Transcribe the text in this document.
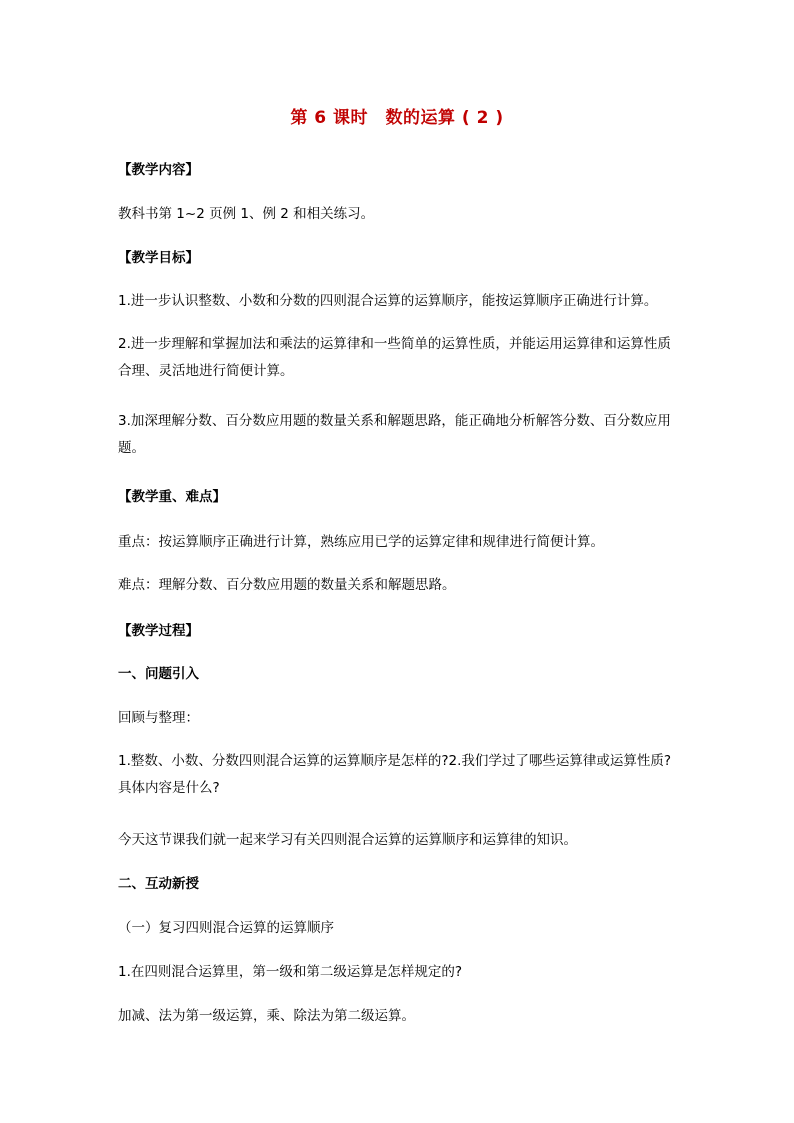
第 6 课时　数的运算 ( 2 )
【教学内容】
教科书第 1~2 页例 1、例 2 和相关练习。
【教学目标】
1.进一步认识整数、小数和分数的四则混合运算的运算顺序，能按运算顺序正确进行计算。
2.进一步理解和掌握加法和乘法的运算律和一些简单的运算性质，并能运用运算律和运算性质合理、灵活地进行简便计算。
3.加深理解分数、百分数应用题的数量关系和解题思路，能正确地分析解答分数、百分数应用题。
【教学重、难点】
重点：按运算顺序正确进行计算，熟练应用已学的运算定律和规律进行简便计算。
难点：理解分数、百分数应用题的数量关系和解题思路。
【教学过程】
一、问题引入
回顾与整理：
1.整数、小数、分数四则混合运算的运算顺序是怎样的?2.我们学过了哪些运算律或运算性质?具体内容是什么?
今天这节课我们就一起来学习有关四则混合运算的运算顺序和运算律的知识。
二、互动新授
（一）复习四则混合运算的运算顺序
1.在四则混合运算里，第一级和第二级运算是怎样规定的?
加减、法为第一级运算，乘、除法为第二级运算。
